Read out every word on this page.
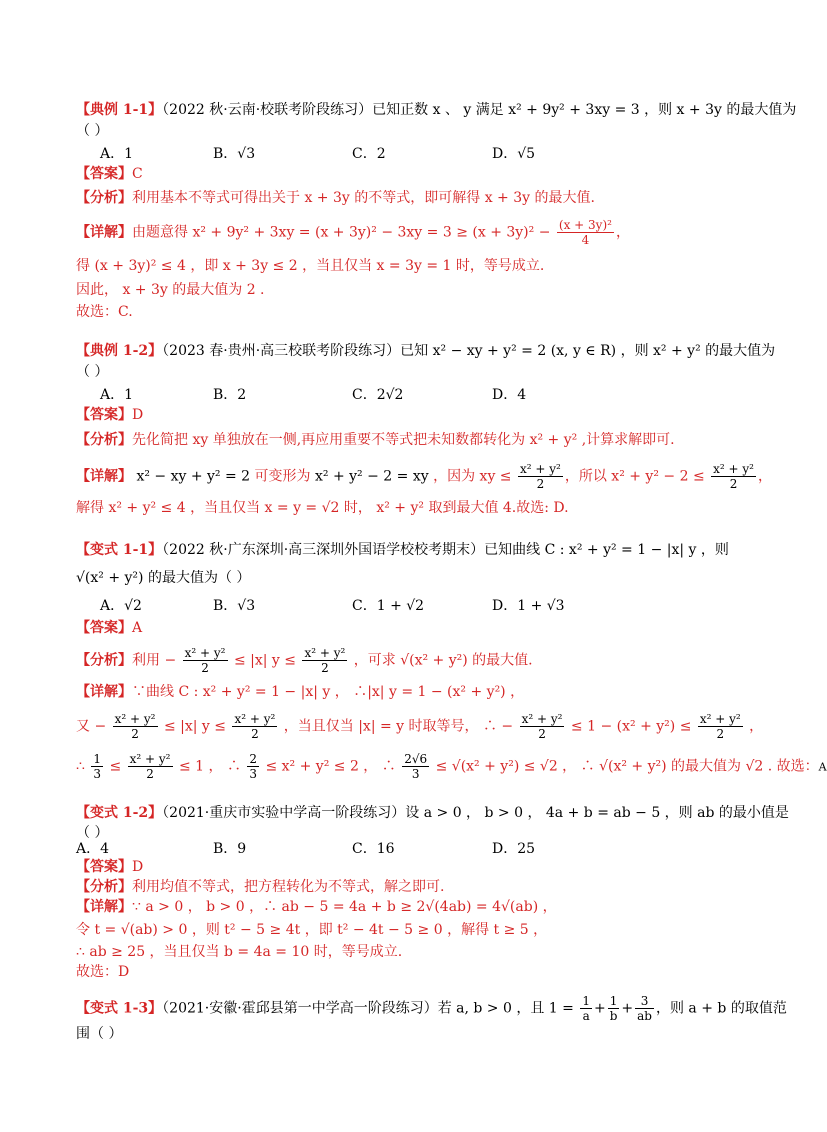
【典例 1-1】（2022 秋·云南·校联考阶段练习）已知正数 x 、 y 满足 x² + 9y² + 3xy = 3 ，则 x + 3y 的最大值为
（ ）
A．1	B．√3	C．2	D．√5
【答案】C
【分析】利用基本不等式可得出关于 x + 3y 的不等式，即可解得 x + 3y 的最大值.
【详解】由题意得 $x^2 + 9y^2 + 3xy = (x + 3y)^2 - 3xy = 3 \ge (x + 3y)^2 - \frac{\text{(x + 3y)²}}{4}$ ，
得 (x + 3y)² ≤ 4 ，即 x + 3y ≤ 2 ，当且仅当 x = 3y = 1 时，等号成立.
因此， x + 3y 的最大值为 2 .
故选：C.
【典例 1-2】（2023 春·贵州·高三校联考阶段练习）已知 x² − xy + y² = 2 (x, y ∈ R) ，则 x² + y² 的最大值为
（ ）
A．1	B．2	C．2√2	D．4
【答案】D
【分析】先化简把 xy 单独放在一侧,再应用重要不等式把未知数都转化为 x² + y² ,计算求解即可.
【详解】 x² − xy + y² = 2 可变形为 x² + y² − 2 = xy ，因为 xy ≤ $\frac{\text{x² + y²}}{2}$ ，所以 $x^2 + y^2 - 2 \le \frac{\text{x² + y²}}{2}$ ，
解得 x² + y² ≤ 4 ，当且仅当 x = y = √2 时， x² + y² 取到最大值 4.故选: D.
【变式 1-1】（2022 秋·广东深圳·高三深圳外国语学校校考期末）已知曲线 C : x² + y² = 1 − |x| y ，则
√(x² + y²) 的最大值为（ ）
A．√2	B．√3	C．1 + √2	D．1 + √3
【答案】A
【分析】利用 − $\frac{\text{x² + y²}}{2} \le |x|$ $y \le \frac{\text{x² + y²}}{2}$ ，可求 √(x² + y²) 的最大值.
【详解】∵曲线 C : x² + y² = 1 − |x| y ， ∴|x| y = 1 − (x² + y²) ，
又 − $\frac{\text{x² + y²}}{2} \le |x|$ $y \le \frac{\text{x² + y²}}{2}$ ，当且仅当 |x| = y 时取等号， ∴ − $\frac{\text{x² + y²}}{2} \le 1 - (x^2 + y^2) \le \frac{\text{x² + y²}}{2}$ ，
∴ $\frac{1}{3} \le \frac{\text{x² + y²}}{2} \le 1$ ， ∴ $\frac{2}{3} \le x^2 + y^2 \le 2$ ， ∴ $\frac{2√6}{3} \le √(x^2 + y^2) \le √2$ ， ∴ √(x² + y²) 的最大值为 √2 . 故选：A
【变式 1-2】（2021·重庆市实验中学高一阶段练习）设 a > 0 ， b > 0 ， 4a + b = ab − 5 ，则 ab 的最小值是
（ ）
A．4	B．9	C．16	D．25
【答案】D
【分析】利用均值不等式，把方程转化为不等式，解之即可.
【详解】∵ a > 0 ， b > 0 ，∴ ab − 5 = 4a + b ≥ 2√(4ab) = 4√(ab) ，
令 t = √(ab) > 0 ，则 t² − 5 ≥ 4t ，即 t² − 4t − 5 ≥ 0 ，解得 t ≥ 5 ，
∴ ab ≥ 25 ，当且仅当 b = 4a = 10 时，等号成立.
故选：D
【变式 1-3】（2021·安徽·霍邱县第一中学高一阶段练习）若 a, b > 0 ，且 $1 = \frac{1}{a} + \frac{1}{b} + \frac{3}{ab}$ ，则 a + b 的取值范
围（ ）
